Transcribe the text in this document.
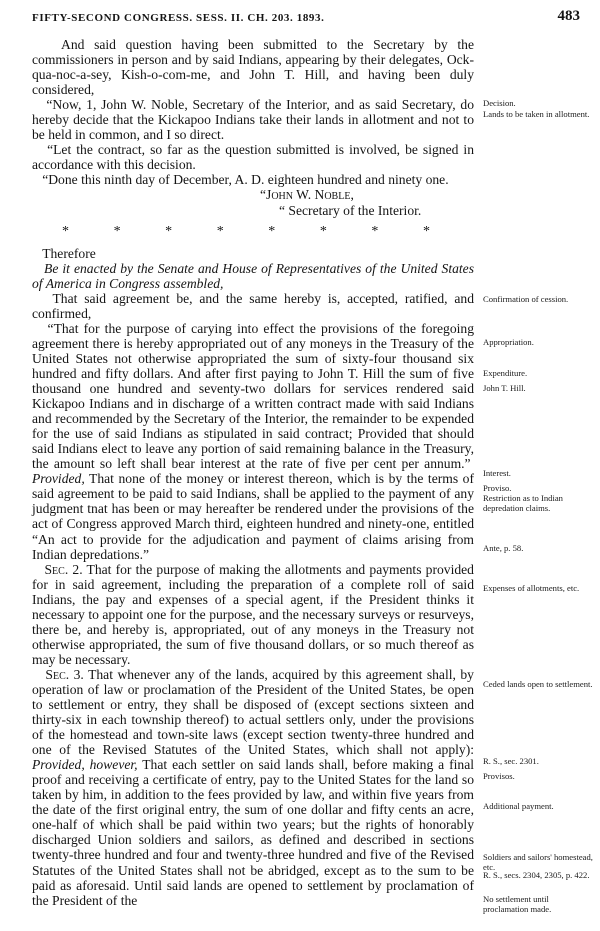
FIFTY-SECOND CONGRESS. SESS. II. CH. 203. 1893.	483

And said question having been submitted to the Secretary by the commissioners in person and by said Indians, appearing by their delegates, Ock-qua-noc-a-sey, Kish-o-com-me, and John T. Hill, and having been duly considered,

“Now, 1, John W. Noble, Secretary of the Interior, and as said Secretary, do hereby decide that the Kickapoo Indians take their lands in allotment and not to be held in common, and I so direct.

“Let the contract, so far as the question submitted is involved, be signed in accordance with this decision.

“Done this ninth day of December, A. D. eighteen hundred and ninety one.

“John W. Noble,

“ Secretary of the Interior.

*	*	*	*	*	*	*	*

Therefore

Be it enacted by the Senate and House of Representatives of the United States of America in Congress assembled,

That said agreement be, and the same hereby is, accepted, ratified, and confirmed,

“That for the purpose of carying into effect the provisions of the foregoing agreement there is hereby appropriated out of any moneys in the Treasury of the United States not otherwise appropriated the sum of sixty-four thousand six hundred and fifty dollars. And after first paying to John T. Hill the sum of five thousand one hundred and seventy-two dollars for services rendered said Kickapoo Indians and in discharge of a written contract made with said Indians and recommended by the Secretary of the Interior, the remainder to be expended for the use of said Indians as stipulated in said contract; Provided that should said Indians elect to leave any portion of said remaining balance in the Treasury, the amount so left shall bear interest at the rate of five per cent per annum.”  Provided, That none of the money or interest thereon, which is by the terms of said agreement to be paid to said Indians, shall be applied to the payment of any judgment tnat has been or may hereafter be rendered under the provisions of the act of Congress approved March third, eighteen hundred and ninety-one, entitled “An act to provide for the adjudication and payment of claims arising from Indian depredations.”

Sec. 2. That for the purpose of making the allotments and payments provided for in said agreement, including the preparation of a complete roll of said Indians, the pay and expenses of a special agent, if the President thinks it necessary to appoint one for the purpose, and the necessary surveys or resurveys, there be, and hereby is, appropriated, out of any moneys in the Treasury not otherwise appropriated, the sum of five thousand dollars, or so much thereof as may be necessary.

Sec. 3. That whenever any of the lands, acquired by this agreement shall, by operation of law or proclamation of the President of the United States, be open to settlement or entry, they shall be disposed of (except sections sixteen and thirty-six in each township thereof) to actual settlers only, under the provisions of the homestead and town-site laws (except section twenty-three hundred and one of the Revised Statutes of the United States, which shall not apply): Provided, however, That each settler on said lands shall, before making a final proof and receiving a certificate of entry, pay to the United States for the land so taken by him, in addition to the fees provided by law, and within five years from the date of the first original entry, the sum of one dollar and fifty cents an acre, one-half of which shall be paid within two years; but the rights of honorably discharged Union soldiers and sailors, as defined and described in sections twenty-three hundred and four and twenty-three hundred and five of the Revised Statutes of the United States shall not be abridged, except as to the sum to be paid as aforesaid. Until said lands are opened to settlement by proclamation of the President of the

Decision.
Lands to be taken in allotment.
Confirmation of cession.
Appropriation.
Expenditure.
John T. Hill.
Interest.
Proviso.
Restriction as to Indian depredation claims.
Ante, p. 58.
Expenses of allotments, etc.
Ceded lands open to settlement.
R. S., sec. 2301.
Provisos.
Additional payment.
Soldiers and sailors' homestead, etc.
R. S., secs. 2304, 2305, p. 422.
No settlement until proclamation made.
